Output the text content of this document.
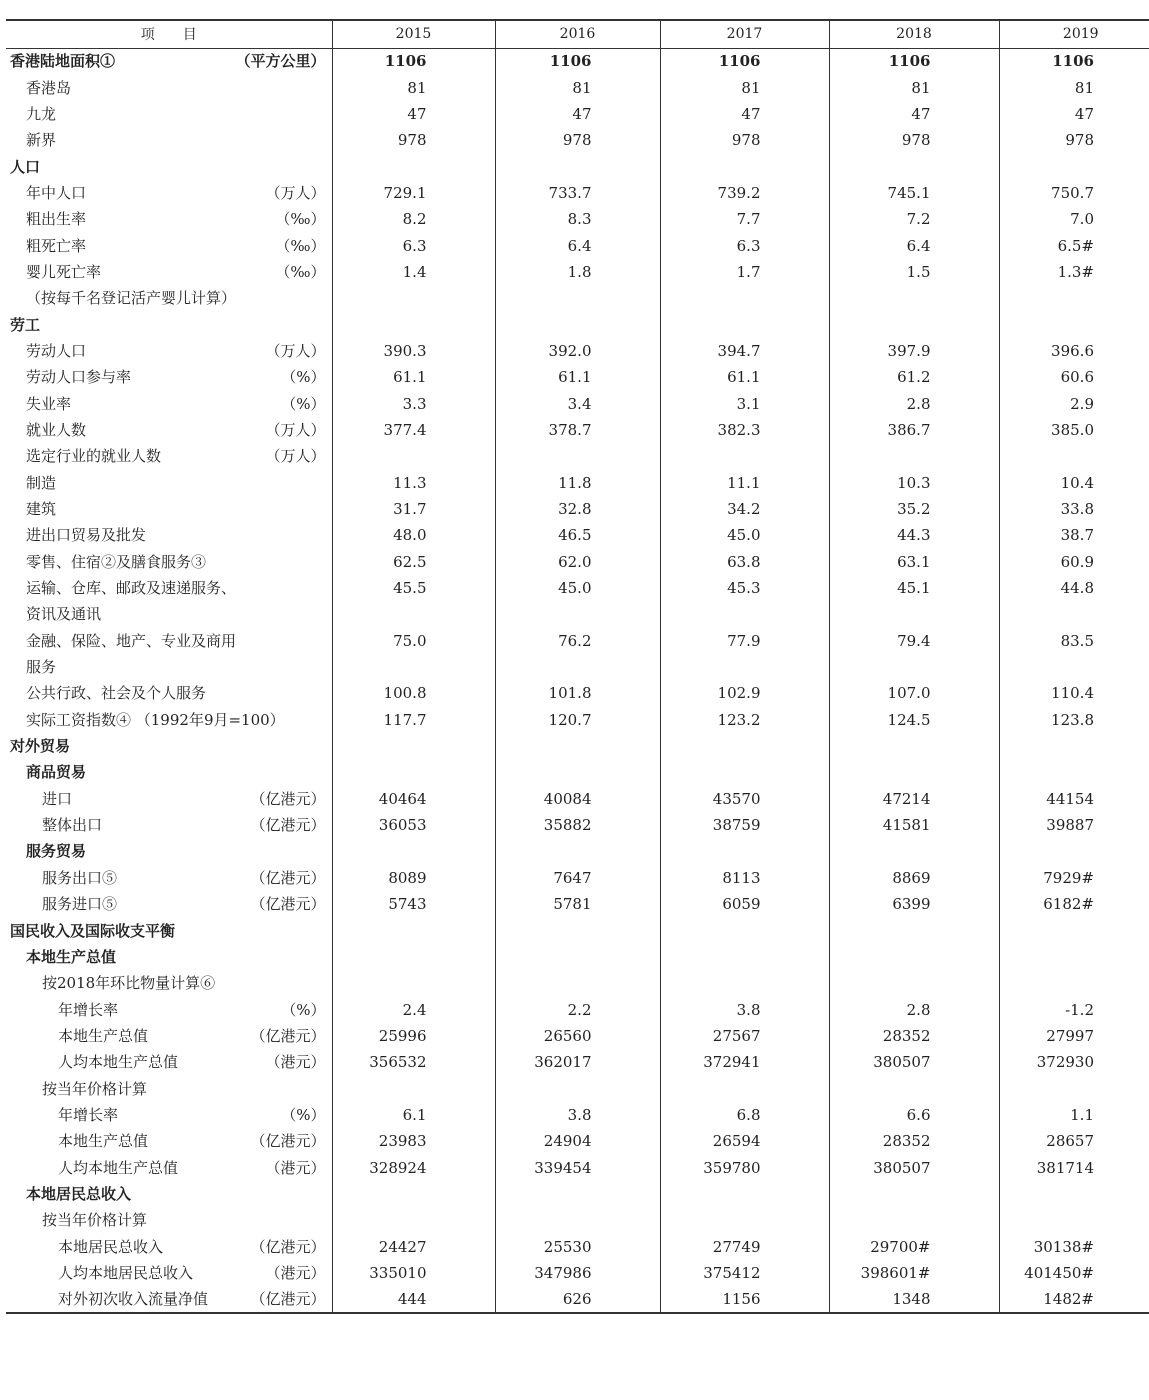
项　　目	2015	2016	2017	2018	2019

香港陆地面积① （平方公里）	1106	1106	1106	1106	1106

香港岛	81	81	81	81	81

九龙	47	47	47	47	47

新界	978	978	978	978	978

人口					

年中人口 （万人）	729.1	733.7	739.2	745.1	750.7

粗出生率 （‰）	8.2	8.3	7.7	7.2	7.0

粗死亡率 （‰）	6.3	6.4	6.3	6.4	6.5#

婴儿死亡率 （‰）	1.4	1.8	1.7	1.5	1.3#

（按每千名登记活产婴儿计算）					

劳工					

劳动人口 （万人）	390.3	392.0	394.7	397.9	396.6

劳动人口参与率 （%）	61.1	61.1	61.1	61.2	60.6

失业率 （%）	3.3	3.4	3.1	2.8	2.9

就业人数 （万人）	377.4	378.7	382.3	386.7	385.0

选定行业的就业人数 （万人）					

制造	11.3	11.8	11.1	10.3	10.4

建筑	31.7	32.8	34.2	35.2	33.8

进出口贸易及批发	48.0	46.5	45.0	44.3	38.7

零售、住宿②及膳食服务③	62.5	62.0	63.8	63.1	60.9

运输、仓库、邮政及速递服务、	45.5	45.0	45.3	45.1	44.8

资讯及通讯					

金融、保险、地产、专业及商用	75.0	76.2	77.9	79.4	83.5

服务					

公共行政、社会及个人服务	100.8	101.8	102.9	107.0	110.4

实际工资指数④ （1992年9月=100）	117.7	120.7	123.2	124.5	123.8

对外贸易					

商品贸易					

进口 （亿港元）	40464	40084	43570	47214	44154

整体出口 （亿港元）	36053	35882	38759	41581	39887

服务贸易					

服务出口⑤ （亿港元）	8089	7647	8113	8869	7929#

服务进口⑤ （亿港元）	5743	5781	6059	6399	6182#

国民收入及国际收支平衡					

本地生产总值					

按2018年环比物量计算⑥					

年增长率 （%）	2.4	2.2	3.8	2.8	-1.2

本地生产总值 （亿港元）	25996	26560	27567	28352	27997

人均本地生产总值 （港元）	356532	362017	372941	380507	372930

按当年价格计算					

年增长率 （%）	6.1	3.8	6.8	6.6	1.1

本地生产总值 （亿港元）	23983	24904	26594	28352	28657

人均本地生产总值 （港元）	328924	339454	359780	380507	381714

本地居民总收入					

按当年价格计算					

本地居民总收入 （亿港元）	24427	25530	27749	29700#	30138#

人均本地居民总收入 （港元）	335010	347986	375412	398601#	401450#

对外初次收入流量净值 （亿港元）	444	626	1156	1348	1482#
